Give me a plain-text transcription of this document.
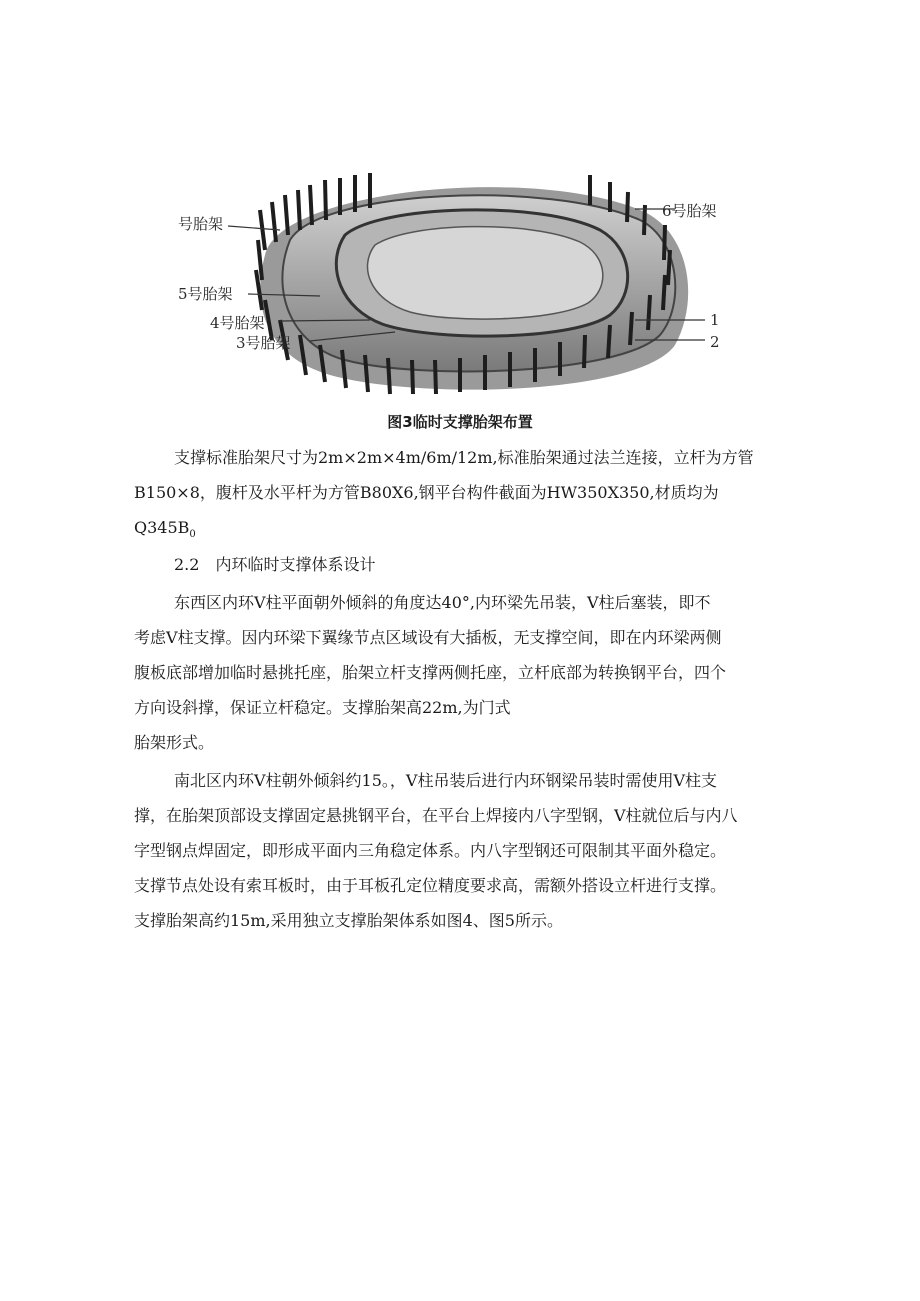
号胎架
6号胎架
5号胎架
4号胎架
3号胎架
1
2
图3临时支撑胎架布置

支撑标准胎架尺寸为2m×2m×4m/6m/12m,标准胎架通过法兰连接，立杆为方管
B150×8，腹杆及水平杆为方管B80X6,钢平台构件截面为HW350X350,材质均为
$Q345B_0$

2.2　内环临时支撑体系设计

东西区内环V柱平面朝外倾斜的角度达40°,内环梁先吊装，V柱后塞装，即不
考虑V柱支撑。因内环梁下翼缘节点区域设有大插板，无支撑空间，即在内环梁两侧
腹板底部增加临时悬挑托座，胎架立杆支撑两侧托座，立杆底部为转换钢平台，四个
方向设斜撑，保证立杆稳定。支撑胎架高22m,为门式
胎架形式。

南北区内环V柱朝外倾斜约15。，V柱吊装后进行内环钢梁吊装时需使用V柱支
撑，在胎架顶部设支撑固定悬挑钢平台，在平台上焊接内八字型钢，V柱就位后与内八
字型钢点焊固定，即形成平面内三角稳定体系。内八字型钢还可限制其平面外稳定。
支撑节点处设有索耳板时，由于耳板孔定位精度要求高，需额外搭设立杆进行支撑。
支撑胎架高约15m,采用独立支撑胎架体系如图4、图5所示。
